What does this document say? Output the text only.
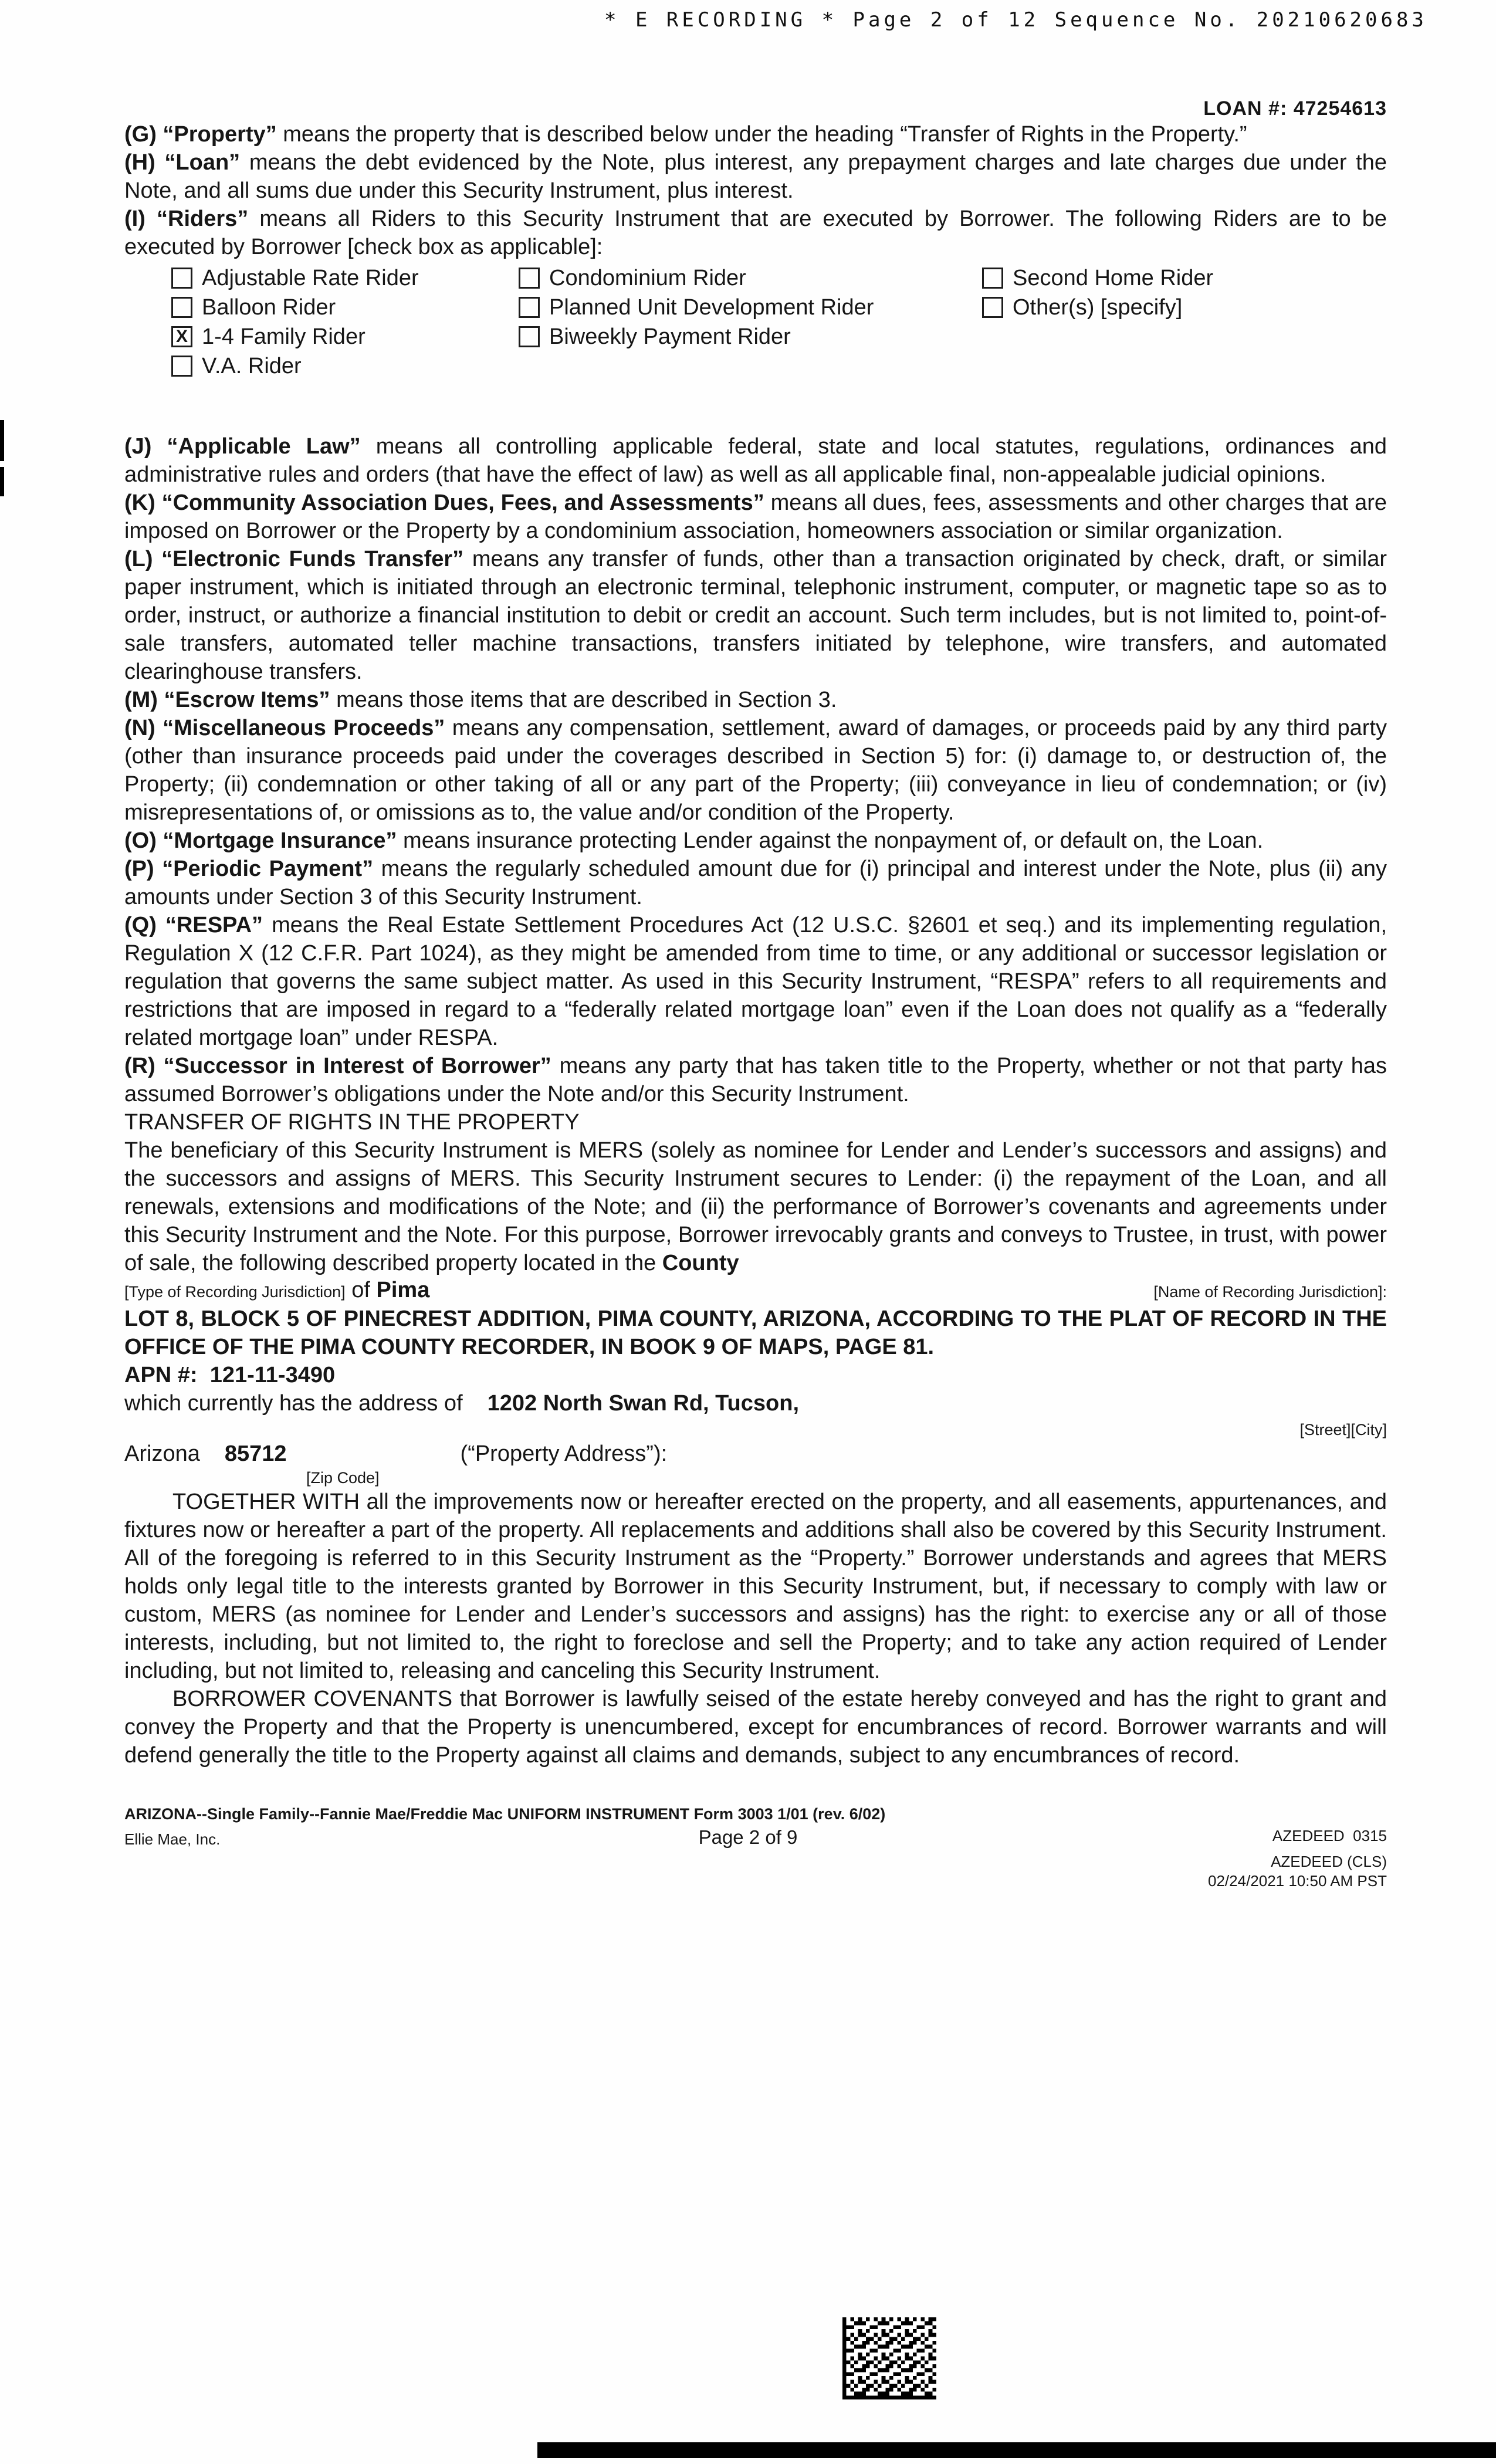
* E RECORDING * Page 2 of 12 Sequence No. 20210620683
LOAN #: 47254613

(G) “Property” means the property that is described below under the heading “Transfer of Rights in the Property.”

(H) “Loan” means the debt evidenced by the Note, plus interest, any prepayment charges and late charges due under the Note, and all sums due under this Security Instrument, plus interest.

(I) “Riders” means all Riders to this Security Instrument that are executed by Borrower. The following Riders are to be executed by Borrower [check box as applicable]:

Adjustable Rate Rider	Condominium Rider	Second Home Rider
Balloon Rider	Planned Unit Development Rider	Other(s) [specify]
X 1-4 Family Rider	Biweekly Payment Rider
V.A. Rider

(J) “Applicable Law” means all controlling applicable federal, state and local statutes, regulations, ordinances and administrative rules and orders (that have the effect of law) as well as all applicable final, non-appealable judicial opinions.

(K) “Community Association Dues, Fees, and Assessments” means all dues, fees, assessments and other charges that are imposed on Borrower or the Property by a condominium association, homeowners association or similar organization.

(L) “Electronic Funds Transfer” means any transfer of funds, other than a transaction originated by check, draft, or similar paper instrument, which is initiated through an electronic terminal, telephonic instrument, computer, or magnetic tape so as to order, instruct, or authorize a financial institution to debit or credit an account. Such term includes, but is not limited to, point-of-sale transfers, automated teller machine transactions, transfers initiated by telephone, wire transfers, and automated clearinghouse transfers.

(M) “Escrow Items” means those items that are described in Section 3.

(N) “Miscellaneous Proceeds” means any compensation, settlement, award of damages, or proceeds paid by any third party (other than insurance proceeds paid under the coverages described in Section 5) for: (i) damage to, or destruction of, the Property; (ii) condemnation or other taking of all or any part of the Property; (iii) conveyance in lieu of condemnation; or (iv) misrepresentations of, or omissions as to, the value and/or condition of the Property.

(O) “Mortgage Insurance” means insurance protecting Lender against the nonpayment of, or default on, the Loan.

(P) “Periodic Payment” means the regularly scheduled amount due for (i) principal and interest under the Note, plus (ii) any amounts under Section 3 of this Security Instrument.

(Q) “RESPA” means the Real Estate Settlement Procedures Act (12 U.S.C. §2601 et seq.) and its implementing regulation, Regulation X (12 C.F.R. Part 1024), as they might be amended from time to time, or any additional or successor legislation or regulation that governs the same subject matter. As used in this Security Instrument, “RESPA” refers to all requirements and restrictions that are imposed in regard to a “federally related mortgage loan” even if the Loan does not qualify as a “federally related mortgage loan” under RESPA.

(R) “Successor in Interest of Borrower” means any party that has taken title to the Property, whether or not that party has assumed Borrower’s obligations under the Note and/or this Security Instrument.

TRANSFER OF RIGHTS IN THE PROPERTY

The beneficiary of this Security Instrument is MERS (solely as nominee for Lender and Lender’s successors and assigns) and the successors and assigns of MERS. This Security Instrument secures to Lender: (i) the repayment of the Loan, and all renewals, extensions and modifications of the Note; and (ii) the performance of Borrower’s covenants and agreements under this Security Instrument and the Note. For this purpose, Borrower irrevocably grants and conveys to Trustee, in trust, with power of sale, the following described property located in the County

[Type of Recording Jurisdiction] of Pima	[Name of Recording Jurisdiction]:

LOT 8, BLOCK 5 OF PINECREST ADDITION, PIMA COUNTY, ARIZONA, ACCORDING TO THE PLAT OF RECORD IN THE OFFICE OF THE PIMA COUNTY RECORDER, IN BOOK 9 OF MAPS, PAGE 81.

APN #:  121-11-3490

which currently has the address of 1202 North Swan Rd, Tucson,

[Street][City]

Arizona 85712	(“Property Address”):

[Zip Code]

TOGETHER WITH all the improvements now or hereafter erected on the property, and all easements, appurtenances, and fixtures now or hereafter a part of the property. All replacements and additions shall also be covered by this Security Instrument. All of the foregoing is referred to in this Security Instrument as the “Property.” Borrower understands and agrees that MERS holds only legal title to the interests granted by Borrower in this Security Instrument, but, if necessary to comply with law or custom, MERS (as nominee for Lender and Lender’s successors and assigns) has the right: to exercise any or all of those interests, including, but not limited to, the right to foreclose and sell the Property; and to take any action required of Lender including, but not limited to, releasing and canceling this Security Instrument.

BORROWER COVENANTS that Borrower is lawfully seised of the estate hereby conveyed and has the right to grant and convey the Property and that the Property is unencumbered, except for encumbrances of record. Borrower warrants and will defend generally the title to the Property against all claims and demands, subject to any encumbrances of record.

ARIZONA--Single Family--Fannie Mae/Freddie Mac UNIFORM INSTRUMENT Form 3003 1/01 (rev. 6/02)
Ellie Mae, Inc.	Page 2 of 9	AZEDEED  0315
AZEDEED (CLS)
02/24/2021 10:50 AM PST
